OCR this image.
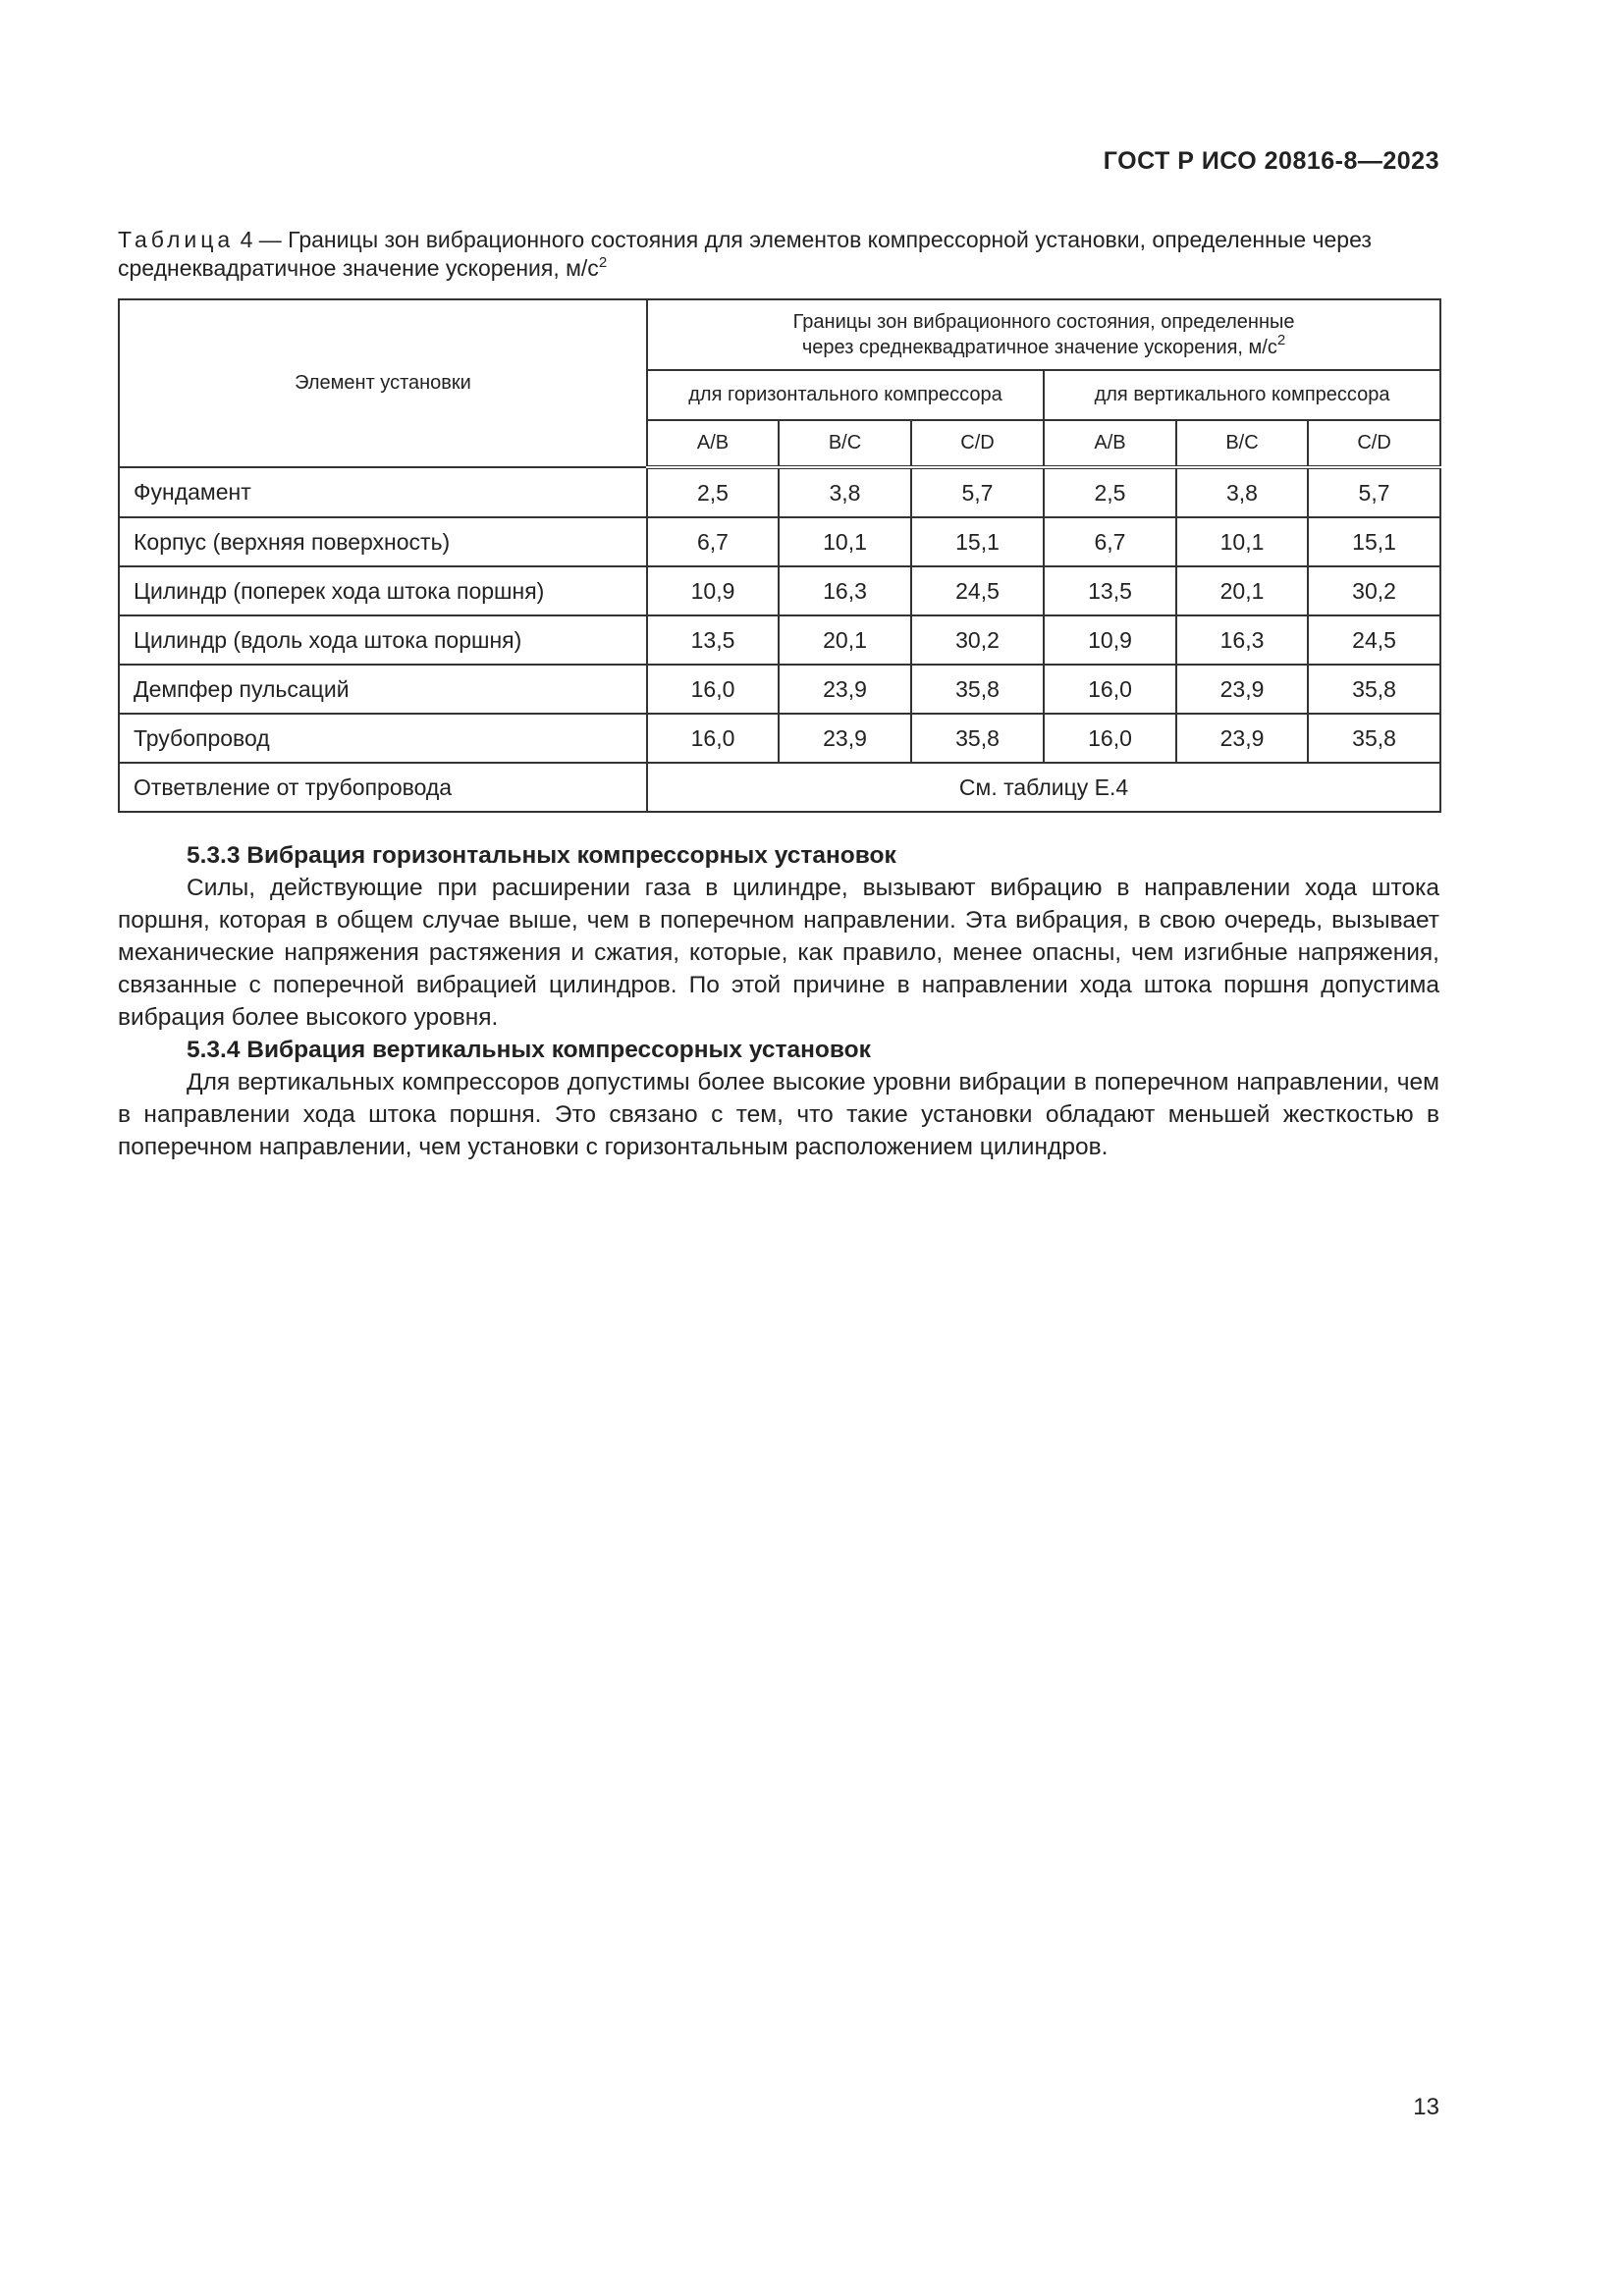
ГОСТ Р ИСО 20816-8—2023
Таблица 4 — Границы зон вибрационного состояния для элементов компрессорной установки, определенные через среднеквадратичное значение ускорения, $м/с^2$
Элемент установки	Границы зон вибрационного состояния, определенные
через среднеквадратичное значение ускорения, $м/с^2$
	для горизонтального компрессора			для вертикального компрессора		
	A/B	B/C	C/D	A/B	B/C	C/D
Фундамент	2,5	3,8	5,7	2,5	3,8	5,7
Корпус (верхняя поверхность)	6,7	10,1	15,1	6,7	10,1	15,1
Цилиндр (поперек хода штока поршня)	10,9	16,3	24,5	13,5	20,1	30,2
Цилиндр (вдоль хода штока поршня)	13,5	20,1	30,2	10,9	16,3	24,5
Демпфер пульсаций	16,0	23,9	35,8	16,0	23,9	35,8
Трубопровод	16,0	23,9	35,8	16,0	23,9	35,8
Ответвление от трубопровода	См. таблицу Е.4					
5.3.3 Вибрация горизонтальных компрессорных установок

Силы, действующие при расширении газа в цилиндре, вызывают вибрацию в направлении хода штока поршня, которая в общем случае выше, чем в поперечном направлении. Эта вибрация, в свою очередь, вызывает механические напряжения растяжения и сжатия, которые, как правило, менее опасны, чем изгибные напряжения, связанные с поперечной вибрацией цилиндров. По этой причине в направлении хода штока поршня допустима вибрация более высокого уровня.

5.3.4 Вибрация вертикальных компрессорных установок

Для вертикальных компрессоров допустимы более высокие уровни вибрации в поперечном направлении, чем в направлении хода штока поршня. Это связано с тем, что такие установки обладают меньшей жесткостью в поперечном направлении, чем установки с горизонтальным расположением цилиндров.

13
